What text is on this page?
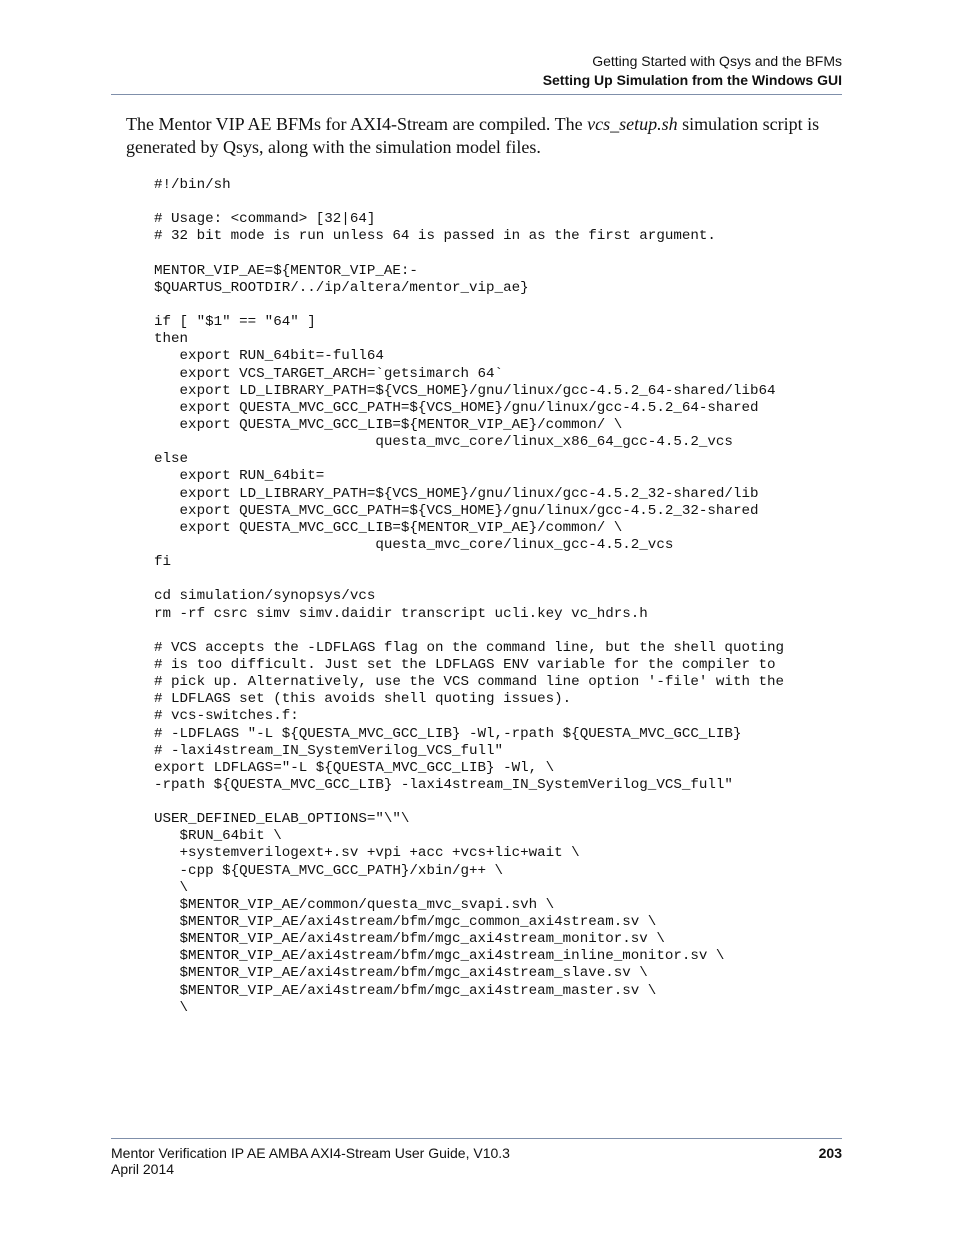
Getting Started with Qsys and the BFMs
Setting Up Simulation from the Windows GUI

The Mentor VIP AE BFMs for AXI4-Stream are compiled. The vcs_setup.sh simulation script is generated by Qsys, along with the simulation model files.

#!/bin/sh
# Usage: <command> [32|64]
# 32 bit mode is run unless 64 is passed in as the first argument.
MENTOR_VIP_AE=${MENTOR_VIP_AE:-
$QUARTUS_ROOTDIR/../ip/altera/mentor_vip_ae}
if [ "$1" == "64" ]
then
export RUN_64bit=-full64
export VCS_TARGET_ARCH=`getsimarch 64`
export LD_LIBRARY_PATH=${VCS_HOME}/gnu/linux/gcc-4.5.2_64-shared/lib64
export QUESTA_MVC_GCC_PATH=${VCS_HOME}/gnu/linux/gcc-4.5.2_64-shared
export QUESTA_MVC_GCC_LIB=${MENTOR_VIP_AE}/common/ \
questa_mvc_core/linux_x86_64_gcc-4.5.2_vcs
else
export RUN_64bit=
export LD_LIBRARY_PATH=${VCS_HOME}/gnu/linux/gcc-4.5.2_32-shared/lib
export QUESTA_MVC_GCC_PATH=${VCS_HOME}/gnu/linux/gcc-4.5.2_32-shared
export QUESTA_MVC_GCC_LIB=${MENTOR_VIP_AE}/common/ \
questa_mvc_core/linux_gcc-4.5.2_vcs
fi
cd simulation/synopsys/vcs
rm -rf csrc simv simv.daidir transcript ucli.key vc_hdrs.h
# VCS accepts the -LDFLAGS flag on the command line, but the shell quoting
# is too difficult. Just set the LDFLAGS ENV variable for the compiler to
# pick up. Alternatively, use the VCS command line option '-file' with the
# LDFLAGS set (this avoids shell quoting issues).
# vcs-switches.f:
# -LDFLAGS "-L ${QUESTA_MVC_GCC_LIB} -Wl,-rpath ${QUESTA_MVC_GCC_LIB}
# -laxi4stream_IN_SystemVerilog_VCS_full"
export LDFLAGS="-L ${QUESTA_MVC_GCC_LIB} -Wl, \
-rpath ${QUESTA_MVC_GCC_LIB} -laxi4stream_IN_SystemVerilog_VCS_full"
USER_DEFINED_ELAB_OPTIONS="\"\
$RUN_64bit \
+systemverilogext+.sv +vpi +acc +vcs+lic+wait \
-cpp ${QUESTA_MVC_GCC_PATH}/xbin/g++ \
\
$MENTOR_VIP_AE/common/questa_mvc_svapi.svh \
$MENTOR_VIP_AE/axi4stream/bfm/mgc_common_axi4stream.sv \
$MENTOR_VIP_AE/axi4stream/bfm/mgc_axi4stream_monitor.sv \
$MENTOR_VIP_AE/axi4stream/bfm/mgc_axi4stream_inline_monitor.sv \
$MENTOR_VIP_AE/axi4stream/bfm/mgc_axi4stream_slave.sv \
$MENTOR_VIP_AE/axi4stream/bfm/mgc_axi4stream_master.sv \
\
Mentor Verification IP AE AMBA AXI4-Stream User Guide, V10.3
April 2014
203
